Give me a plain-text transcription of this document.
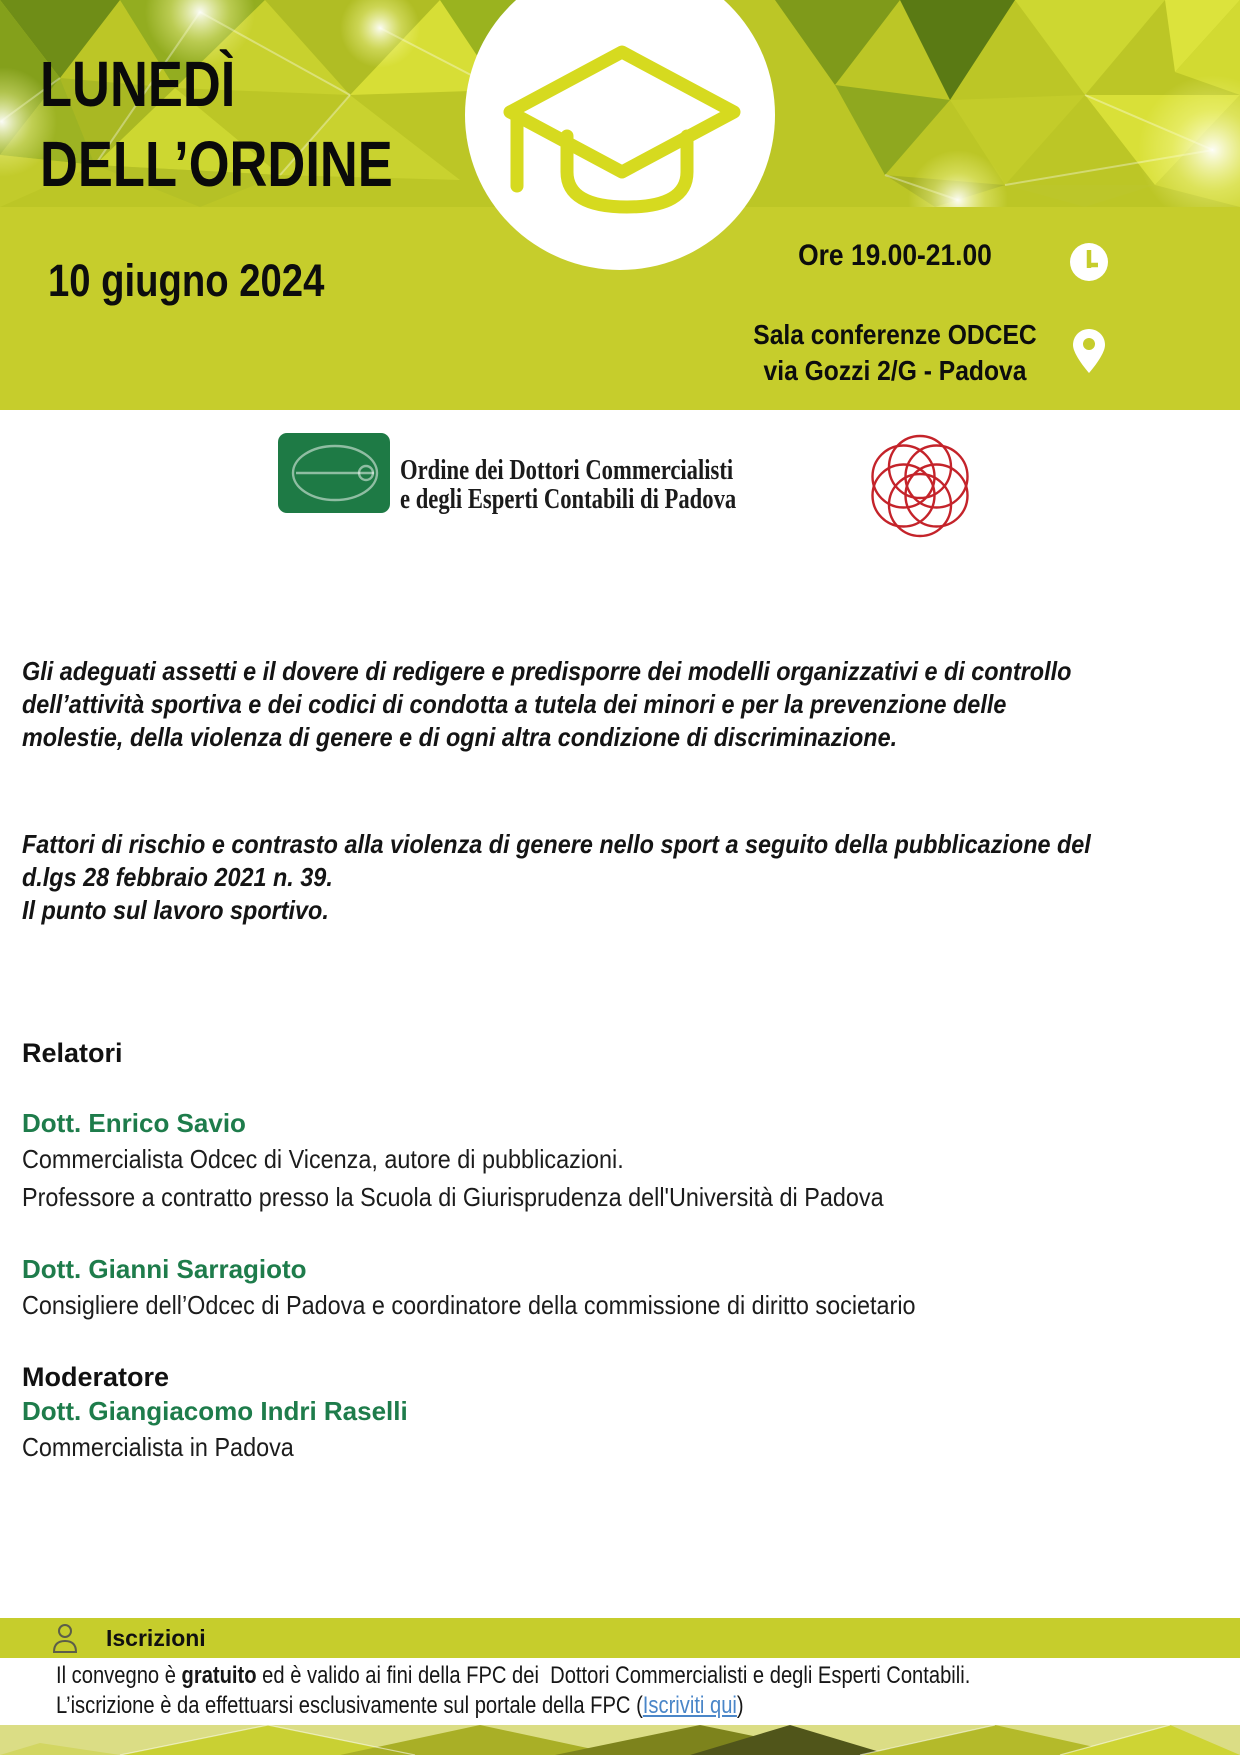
LUNEDÌ
DELL’ORDINE
10 giugno 2024	Ore 19.00-21.00
Sala conferenze ODCEC
via Gozzi 2/G - Padova
Ordine dei Dottori Commercialisti
e degli Esperti Contabili di Padova
Gli adeguati assetti e il dovere di redigere e predisporre dei modelli organizzativi e di controllo
dell’attività sportiva e dei codici di condotta a tutela dei minori e per la prevenzione delle
molestie, della violenza di genere e di ogni altra condizione di discriminazione.
Fattori di rischio e contrasto alla violenza di genere nello sport a seguito della pubblicazione del
d.lgs 28 febbraio 2021 n. 39.
Il punto sul lavoro sportivo.
Relatori
Dott. Enrico Savio
Commercialista Odcec di Vicenza, autore di pubblicazioni.
Professore a contratto presso la Scuola di Giurisprudenza dell'Università di Padova
Dott. Gianni Sarragioto
Consigliere dell’Odcec di Padova e coordinatore della commissione di diritto societario
Moderatore
Dott. Giangiacomo Indri Raselli
Commercialista in Padova
Iscrizioni
Il convegno è gratuito ed è valido ai fini della FPC dei  Dottori Commercialisti e degli Esperti Contabili.
L’iscrizione è da effettuarsi esclusivamente sul portale della FPC (Iscriviti qui)
